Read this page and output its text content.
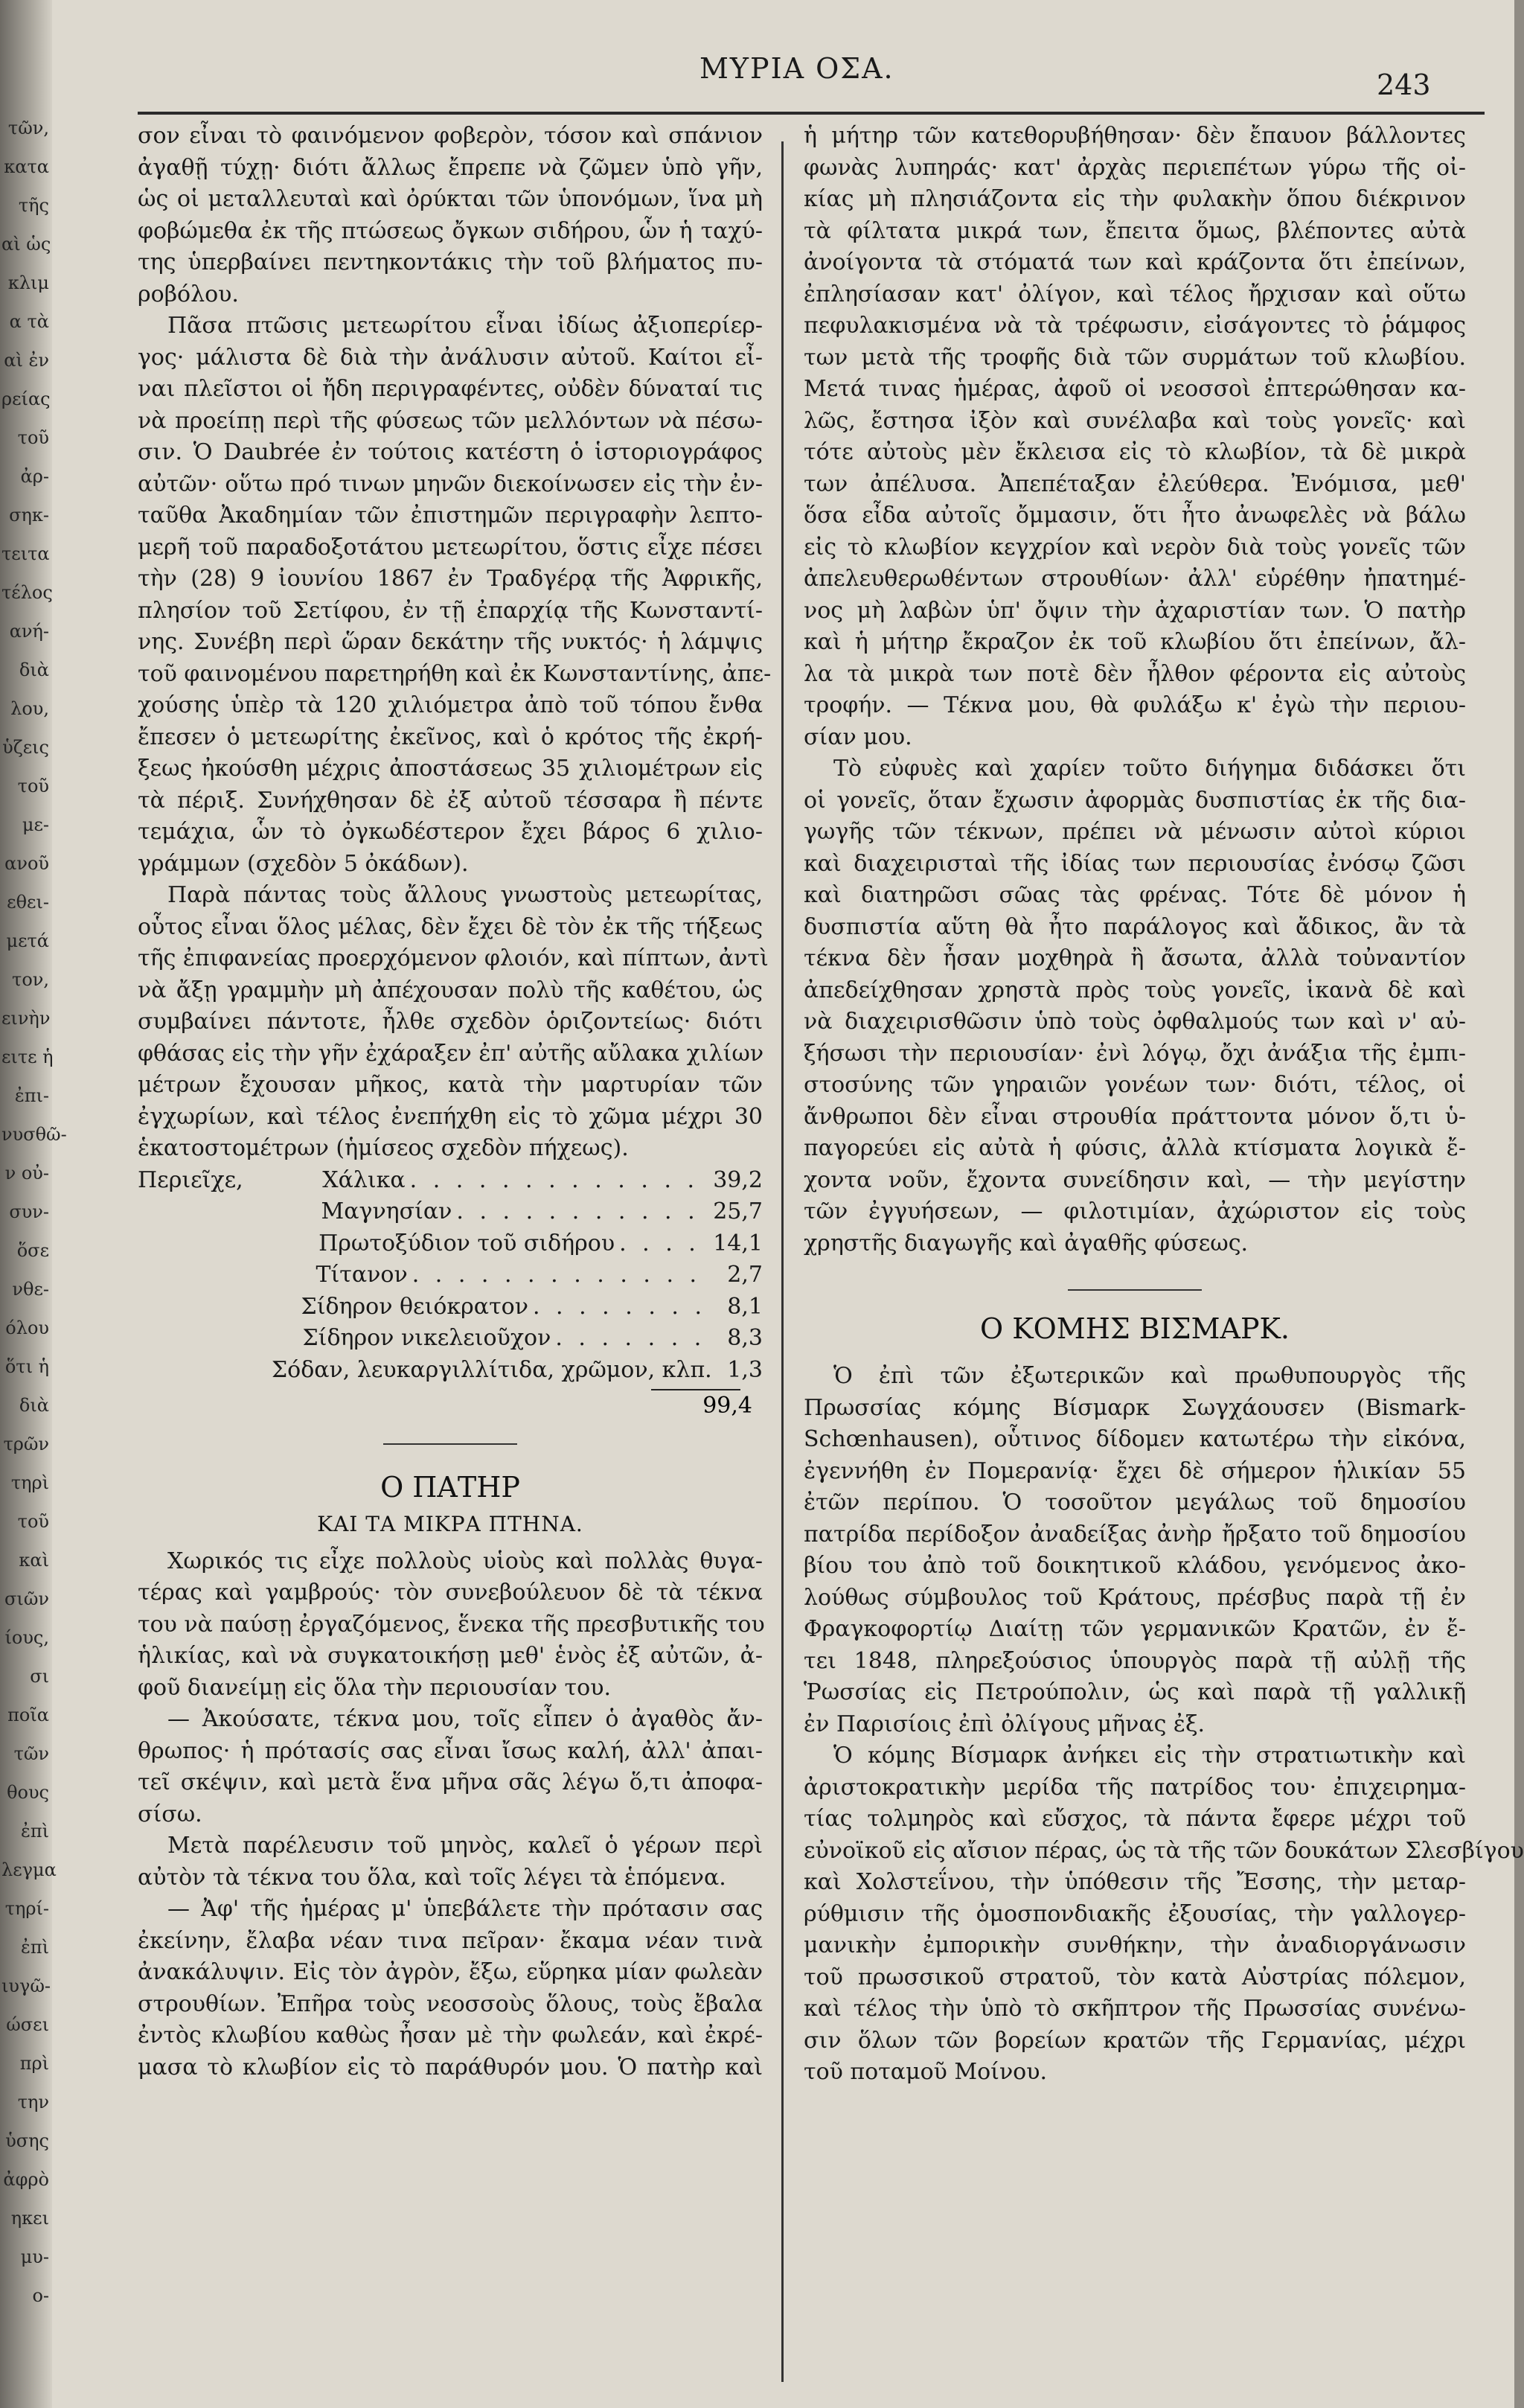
τῶν,
κατα
τῆς
αὶ ὡς
κλιμ
α τὰ
αὶ ἐν
ρείας
τοῦ
ἀρ-
σηκ-
τειτα
τέλος
ανή-
διὰ
λου,
ὑζεις
τοῦ
με-
ανοῦ
εθει-
μετά
τον,
εινὴν
ειτε ἡ
ἐπι-
νυσθῶ-
ν οὐ-
συν-
ὅσε
νθε-
όλου
ὅτι ἡ
διὰ
τρῶν
τηρὶ
τοῦ
καὶ
σιῶν
ίους,
σι
ποῖα
τῶν
θους
ἐπὶ
λεγμα
τηρί-
ἐπὶ
ιυγῶ-
ώσει
πρὶ
την
ὑσης
ἀφρὸ
ηκει
μυ-
ο-
ΜΥΡΙΑ ΟΣΑ.	243
σον εἶναι τὸ φαινόμενον φοβερὸν, τόσον καὶ σπάνιον
ἀγαθῇ τύχῃ· διότι ἄλλως ἔπρεπε νὰ ζῶμεν ὑπὸ γῆν,
ὡς οἱ μεταλλευταὶ καὶ ὀρύκται τῶν ὑπονόμων, ἵνα μὴ
φοβώμεθα ἐκ τῆς πτώσεως ὄγκων σιδήρου, ὧν ἡ ταχύ-
της ὑπερβαίνει πεντηκοντάκις τὴν τοῦ βλήματος πυ-
ροβόλου.
Πᾶσα πτῶσις μετεωρίτου εἶναι ἰδίως ἀξιοπερίερ-
γος· μάλιστα δὲ διὰ τὴν ἀνάλυσιν αὐτοῦ. Καίτοι εἶ-
ναι πλεῖστοι οἱ ἤδη περιγραφέντες, οὐδὲν δύναταί τις
νὰ προείπῃ περὶ τῆς φύσεως τῶν μελλόντων νὰ πέσω-
σιν. Ὁ Daubrée ἐν τούτοις κατέστη ὁ ἱστοριογράφος
αὐτῶν· οὕτω πρό τινων μηνῶν διεκοίνωσεν εἰς τὴν ἐν-
ταῦθα Ἀκαδημίαν τῶν ἐπιστημῶν περιγραφὴν λεπτο-
μερῆ τοῦ παραδοξοτάτου μετεωρίτου, ὅστις εἶχε πέσει
τὴν (28) 9 ἰουνίου 1867 ἐν Τραδγέρᾳ τῆς Ἀφρικῆς,
πλησίον τοῦ Σετίφου, ἐν τῇ ἐπαρχίᾳ τῆς Κωνσταντί-
νης. Συνέβη περὶ ὥραν δεκάτην τῆς νυκτός· ἡ λάμψις
τοῦ φαινομένου παρετηρήθη καὶ ἐκ Κωνσταντίνης, ἀπε-
χούσης ὑπὲρ τὰ 120 χιλιόμετρα ἀπὸ τοῦ τόπου ἔνθα
ἔπεσεν ὁ μετεωρίτης ἐκεῖνος, καὶ ὁ κρότος τῆς ἐκρή-
ξεως ἠκούσθη μέχρις ἀποστάσεως 35 χιλιομέτρων εἰς
τὰ πέριξ. Συνήχθησαν δὲ ἐξ αὐτοῦ τέσσαρα ἢ πέντε
τεμάχια, ὧν τὸ ὀγκωδέστερον ἔχει βάρος 6 χιλιο-
γράμμων (σχεδὸν 5 ὀκάδων).
Παρὰ πάντας τοὺς ἄλλους γνωστοὺς μετεωρίτας,
οὗτος εἶναι ὅλος μέλας, δὲν ἔχει δὲ τὸν ἐκ τῆς τήξεως
τῆς ἐπιφανείας προερχόμενον φλοιόν, καὶ πίπτων, ἀντὶ
νὰ ἄξῃ γραμμὴν μὴ ἀπέχουσαν πολὺ τῆς καθέτου, ὡς
συμβαίνει πάντοτε, ἦλθε σχεδὸν ὁριζοντείως· διότι
φθάσας εἰς τὴν γῆν ἐχάραξεν ἐπ' αὐτῆς αὔλακα χιλίων
μέτρων ἔχουσαν μῆκος, κατὰ τὴν μαρτυρίαν τῶν
ἐγχωρίων, καὶ τέλος ἐνεπήχθη εἰς τὸ χῶμα μέχρι 30
ἑκατοστομέτρων (ἡμίσεος σχεδὸν πήχεως).
Περιεῖχε,	Χάλικα . . . . . . . . . . . . . 39,2
Μαγνησίαν . . . . . . . . . . . 25,7
Πρωτοξύδιον τοῦ σιδήρου . . . . 14,1
Τίτανον . . . . . . . . . . . . .	2,7
Σίδηρον θειόκρατον . . . . . . . . 8,1
Σίδηρον νικελειοῦχον . . . . . . . 8,3
Σόδαν, λευκαργιλλίτιδα, χρῶμον, κλπ. 1,3
99,4
Ο ΠΑΤΗΡ
ΚΑΙ ΤΑ ΜΙΚΡΑ ΠΤΗΝΑ.
Χωρικός τις εἶχε πολλοὺς υἱοὺς καὶ πολλὰς θυγα-
τέρας καὶ γαμβρούς· τὸν συνεβούλευον δὲ τὰ τέκνα
του νὰ παύσῃ ἐργαζόμενος, ἕνεκα τῆς πρεσβυτικῆς του
ἡλικίας, καὶ νὰ συγκατοικήσῃ μεθ' ἑνὸς ἐξ αὐτῶν, ἀ-
φοῦ διανείμῃ εἰς ὅλα τὴν περιουσίαν του.
— Ἀκούσατε, τέκνα μου, τοῖς εἶπεν ὁ ἀγαθὸς ἄν-
θρωπος· ἡ πρότασίς σας εἶναι ἴσως καλή, ἀλλ' ἀπαι-
τεῖ σκέψιν, καὶ μετὰ ἕνα μῆνα σᾶς λέγω ὅ,τι ἀποφα-
σίσω.
Μετὰ παρέλευσιν τοῦ μηνὸς, καλεῖ ὁ γέρων περὶ
αὐτὸν τὰ τέκνα του ὅλα, καὶ τοῖς λέγει τὰ ἑπόμενα.
— Ἀφ' τῆς ἡμέρας μ' ὑπεβάλετε τὴν πρότασιν σας
ἐκείνην, ἔλαβα νέαν τινα πεῖραν· ἔκαμα νέαν τινὰ
ἀνακάλυψιν. Εἰς τὸν ἀγρὸν, ἔξω, εὕρηκα μίαν φωλεὰν
στρουθίων. Ἐπῆρα τοὺς νεοσσοὺς ὅλους, τοὺς ἔβαλα
ἐντὸς κλωβίου καθὼς ἦσαν μὲ τὴν φωλεάν, καὶ ἐκρέ-
μασα τὸ κλωβίον εἰς τὸ παράθυρόν μου. Ὁ πατὴρ καὶ
ἡ μήτηρ τῶν κατεθορυβήθησαν· δὲν ἔπαυον βάλλοντες
φωνὰς λυπηράς· κατ' ἀρχὰς περιεπέτων γύρω τῆς οἰ-
κίας μὴ πλησιάζοντα εἰς τὴν φυλακὴν ὅπου διέκρινον
τὰ φίλτατα μικρά των, ἔπειτα ὅμως, βλέποντες αὐτὰ
ἀνοίγοντα τὰ στόματά των καὶ κράζοντα ὅτι ἐπείνων,
ἐπλησίασαν κατ' ὀλίγον, καὶ τέλος ἤρχισαν καὶ οὕτω
πεφυλακισμένα νὰ τὰ τρέφωσιν, εἰσάγοντες τὸ ῥάμφος
των μετὰ τῆς τροφῆς διὰ τῶν συρμάτων τοῦ κλωβίου.
Μετά τινας ἡμέρας, ἀφοῦ οἱ νεοσσοὶ ἐπτερώθησαν κα-
λῶς, ἔστησα ἰξὸν καὶ συνέλαβα καὶ τοὺς γονεῖς· καὶ
τότε αὐτοὺς μὲν ἔκλεισα εἰς τὸ κλωβίον, τὰ δὲ μικρὰ
των ἀπέλυσα. Ἀπεπέταξαν ἐλεύθερα. Ἐνόμισα, μεθ'
ὅσα εἶδα αὐτοῖς ὄμμασιν, ὅτι ἦτο ἀνωφελὲς νὰ βάλω
εἰς τὸ κλωβίον κεγχρίον καὶ νερὸν διὰ τοὺς γονεῖς τῶν
ἀπελευθερωθέντων στρουθίων· ἀλλ' εὑρέθην ἠπατημέ-
νος μὴ λαβὼν ὑπ' ὄψιν τὴν ἀχαριστίαν των. Ὁ πατὴρ
καὶ ἡ μήτηρ ἔκραζον ἐκ τοῦ κλωβίου ὅτι ἐπείνων, ἄλ-
λα τὰ μικρὰ των ποτὲ δὲν ἦλθον φέροντα εἰς αὐτοὺς
τροφήν. — Τέκνα μου, θὰ φυλάξω κ' ἐγὼ τὴν περιου-
σίαν μου.
Τὸ εὐφυὲς καὶ χαρίεν τοῦτο διήγημα διδάσκει ὅτι
οἱ γονεῖς, ὅταν ἔχωσιν ἀφορμὰς δυσπιστίας ἐκ τῆς δια-
γωγῆς τῶν τέκνων, πρέπει νὰ μένωσιν αὐτοὶ κύριοι
καὶ διαχειρισταὶ τῆς ἰδίας των περιουσίας ἐνόσῳ ζῶσι
καὶ διατηρῶσι σῶας τὰς φρένας. Τότε δὲ μόνον ἡ
δυσπιστία αὕτη θὰ ἦτο παράλογος καὶ ἄδικος, ἂν τὰ
τέκνα δὲν ἦσαν μοχθηρὰ ἢ ἄσωτα, ἀλλὰ τοὐναντίον
ἀπεδείχθησαν χρηστὰ πρὸς τοὺς γονεῖς, ἱκανὰ δὲ καὶ
νὰ διαχειρισθῶσιν ὑπὸ τοὺς ὀφθαλμούς των καὶ ν' αὐ-
ξήσωσι τὴν περιουσίαν· ἐνὶ λόγῳ, ὄχι ἀνάξια τῆς ἐμπι-
στοσύνης τῶν γηραιῶν γονέων των· διότι, τέλος, οἱ
ἄνθρωποι δὲν εἶναι στρουθία πράττοντα μόνον ὅ,τι ὑ-
παγορεύει εἰς αὐτὰ ἡ φύσις, ἀλλὰ κτίσματα λογικὰ ἔ-
χοντα νοῦν, ἔχοντα συνείδησιν καὶ, — τὴν μεγίστην
τῶν ἐγγυήσεων, — φιλοτιμίαν, ἀχώριστον εἰς τοὺς
χρηστῆς διαγωγῆς καὶ ἀγαθῆς φύσεως.
Ο ΚΟΜΗΣ ΒΙΣΜΑΡΚ.
Ὁ ἐπὶ τῶν ἐξωτερικῶν καὶ πρωθυπουργὸς τῆς
Πρωσσίας κόμης Βίσμαρκ Σωγχάουσεν (Bismark-
Schœnhausen), οὗτινος δίδομεν κατωτέρω τὴν εἰκόνα,
ἐγεννήθη ἐν Πομερανίᾳ· ἔχει δὲ σήμερον ἡλικίαν 55
ἐτῶν περίπου. Ὁ τοσοῦτον μεγάλως τοῦ δημοσίου
πατρίδα περίδοξον ἀναδείξας ἀνὴρ ἤρξατο τοῦ δημοσίου
βίου του ἀπὸ τοῦ δοικητικοῦ κλάδου, γενόμενος ἀκο-
λούθως σύμβουλος τοῦ Κράτους, πρέσβυς παρὰ τῇ ἐν
Φραγκοφορτίῳ Διαίτῃ τῶν γερμανικῶν Κρατῶν, ἐν ἔ-
τει 1848, πληρεξούσιος ὑπουργὸς παρὰ τῇ αὐλῇ τῆς
Ῥωσσίας εἰς Πετρούπολιν, ὡς καὶ παρὰ τῇ γαλλικῇ
ἐν Παρισίοις ἐπὶ ὀλίγους μῆνας ἐξ.
Ὁ κόμης Βίσμαρκ ἀνήκει εἰς τὴν στρατιωτικὴν καὶ
ἀριστοκρατικὴν μερίδα τῆς πατρίδος του· ἐπιχειρημα-
τίας τολμηρὸς καὶ εὔσχος, τὰ πάντα ἔφερε μέχρι τοῦ
εὐνοϊκοῦ εἰς αἴσιον πέρας, ὡς τὰ τῆς τῶν δουκάτων Σλεσβίγου
καὶ Χολστεΐνου, τὴν ὑπόθεσιν τῆς Ἔσσης, τὴν μεταρ-
ρύθμισιν τῆς ὁμοσπονδιακῆς ἐξουσίας, τὴν γαλλογερ-
μανικὴν ἐμπορικὴν συνθήκην, τὴν ἀναδιοργάνωσιν
τοῦ πρωσσικοῦ στρατοῦ, τὸν κατὰ Αὐστρίας πόλεμον,
καὶ τέλος τὴν ὑπὸ τὸ σκῆπτρον τῆς Πρωσσίας συνένω-
σιν ὅλων τῶν βορείων κρατῶν τῆς Γερμανίας, μέχρι
τοῦ ποταμοῦ Μοίνου.
